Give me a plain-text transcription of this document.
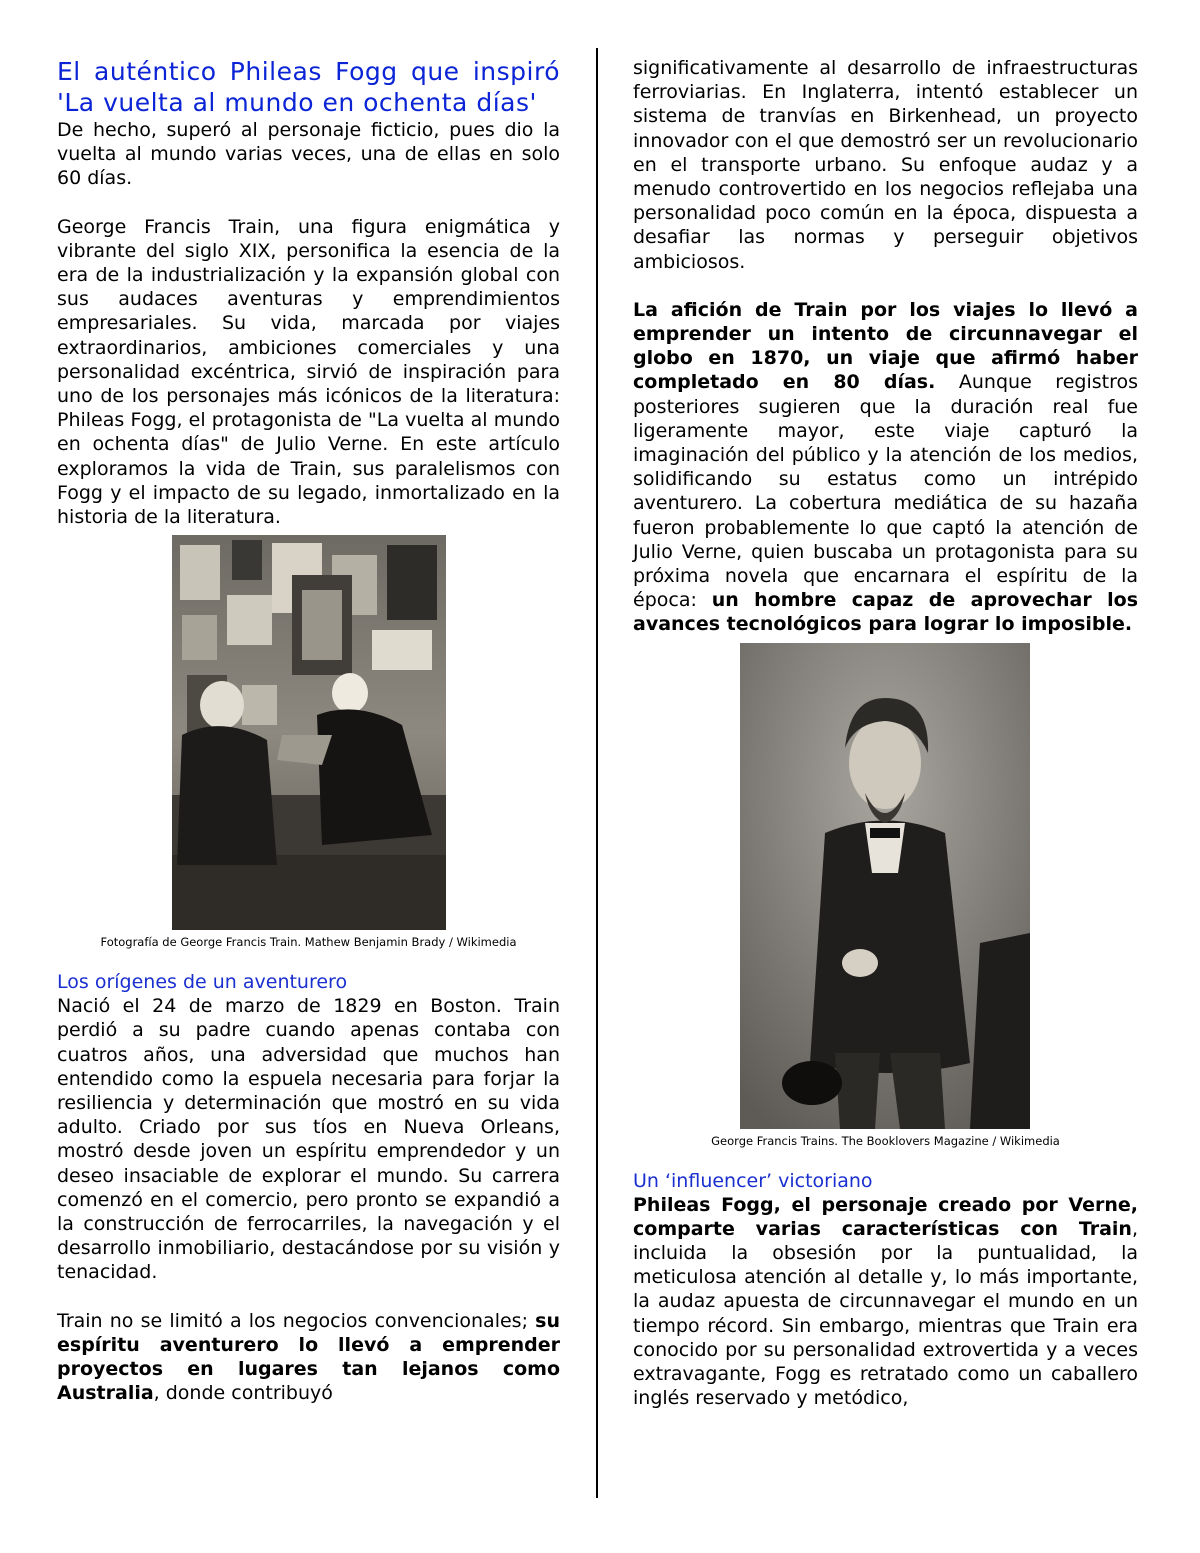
El auténtico Phileas Fogg que inspiró 'La vuelta al mundo en ochenta días'

De hecho, superó al personaje ficticio, pues dio la vuelta al mundo varias veces, una de ellas en solo 60 días.

George Francis Train, una figura enigmática y vibrante del siglo XIX, personifica la esencia de la era de la industrialización y la expansión global con sus audaces aventuras y emprendimientos empresariales. Su vida, marcada por viajes extraordinarios, ambiciones comerciales y una personalidad excéntrica, sirvió de inspiración para uno de los personajes más icónicos de la literatura: Phileas Fogg, el protagonista de "La vuelta al mundo en ochenta días" de Julio Verne. En este artículo exploramos la vida de Train, sus paralelismos con Fogg y el impacto de su legado, inmortalizado en la historia de la literatura.

Fotografía de George Francis Train. Mathew Benjamin Brady / Wikimedia
Los orígenes de un aventurero

Nació el 24 de marzo de 1829 en Boston. Train perdió a su padre cuando apenas contaba con cuatros años, una adversidad que muchos han entendido como la espuela necesaria para forjar la resiliencia y determinación que mostró en su vida adulto. Criado por sus tíos en Nueva Orleans, mostró desde joven un espíritu emprendedor y un deseo insaciable de explorar el mundo. Su carrera comenzó en el comercio, pero pronto se expandió a la construcción de ferrocarriles, la navegación y el desarrollo inmobiliario, destacándose por su visión y tenacidad.

Train no se limitó a los negocios convencionales; su espíritu aventurero lo llevó a emprender proyectos en lugares tan lejanos como Australia, donde contribuyó

significativamente al desarrollo de infraestructuras ferroviarias. En Inglaterra, intentó establecer un sistema de tranvías en Birkenhead, un proyecto innovador con el que demostró ser un revolucionario en el transporte urbano. Su enfoque audaz y a menudo controvertido en los negocios reflejaba una personalidad poco común en la época, dispuesta a desafiar las normas y perseguir objetivos ambiciosos.

La afición de Train por los viajes lo llevó a emprender un intento de circunnavegar el globo en 1870, un viaje que afirmó haber completado en 80 días. Aunque registros posteriores sugieren que la duración real fue ligeramente mayor, este viaje capturó la imaginación del público y la atención de los medios, solidificando su estatus como un intrépido aventurero. La cobertura mediática de su hazaña fueron probablemente lo que captó la atención de Julio Verne, quien buscaba un protagonista para su próxima novela que encarnara el espíritu de la época: un hombre capaz de aprovechar los avances tecnológicos para lograr lo imposible.

George Francis Trains. The Booklovers Magazine / Wikimedia
Un ‘influencer’ victoriano

Phileas Fogg, el personaje creado por Verne, comparte varias características con Train, incluida la obsesión por la puntualidad, la meticulosa atención al detalle y, lo más importante, la audaz apuesta de circunnavegar el mundo en un tiempo récord. Sin embargo, mientras que Train era conocido por su personalidad extrovertida y a veces extravagante, Fogg es retratado como un caballero inglés reservado y metódico,
